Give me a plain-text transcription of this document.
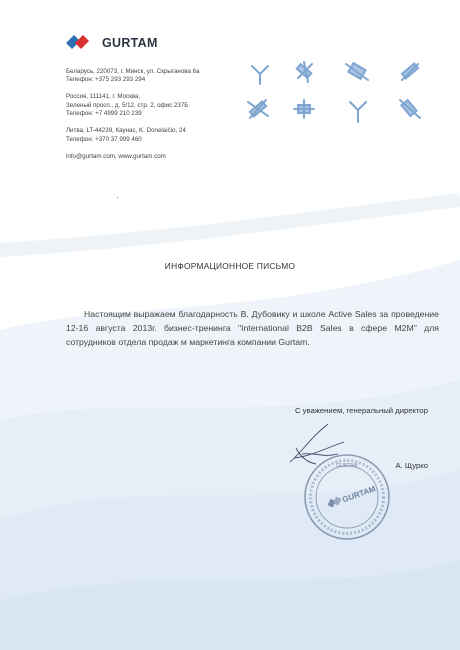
GURTAM
Беларусь, 220073, г. Минск, ул. Скрыганова 6а
Телефон: +375 293 293 294
Россия, 111141, г. Москва,
Зеленый просп., д. 5/12, стр. 2, офис 237Б
Телефон: +7 4999 210 239
Литва, LT-44239, Каунас, K. Donelaičio, 24
Телефон: +370 37 999 460
info@gurtam.com, www.gurtam.com
ИНФОРМАЦИОННОЕ ПИСЬМО
Настоящим выражаем благодарность В. Дубовику и школе Active Sales за проведение 12-16 августа 2013г. бизнес-тренинга "International B2B Sales в сфере M2M" для сотрудников отдела продаж м маркетинга компании Gurtam.
С уважением, генеральный директор
GURTAM
GURTAM
А. Щурко
